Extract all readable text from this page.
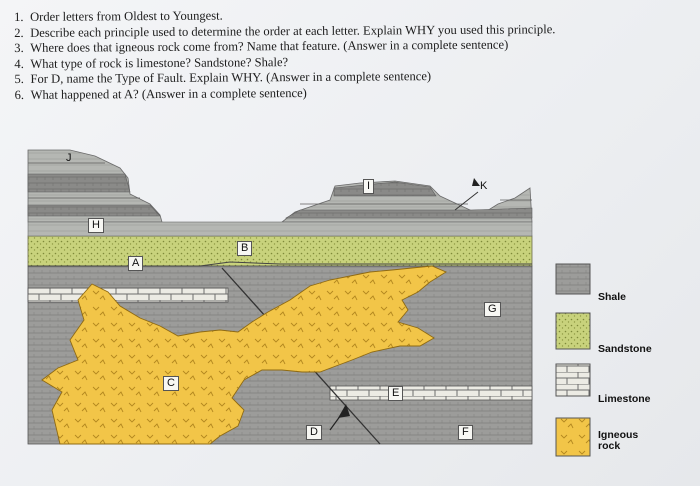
1. Order letters from Oldest to Youngest.
2. Describe each principle used to determine the order at each letter. Explain WHY you used this principle.
3. Where does that igneous rock come from? Name that feature. (Answer in a complete sentence)
4. What type of rock is limestone? Sandstone? Shale?
5. For D, name the Type of Fault. Explain WHY. (Answer in a complete sentence)
6. What happened at A? (Answer in a complete sentence)
J
H
A
B
I	K
G
C
E
D	F
Shale
Sandstone
Limestone
Igneous rock
